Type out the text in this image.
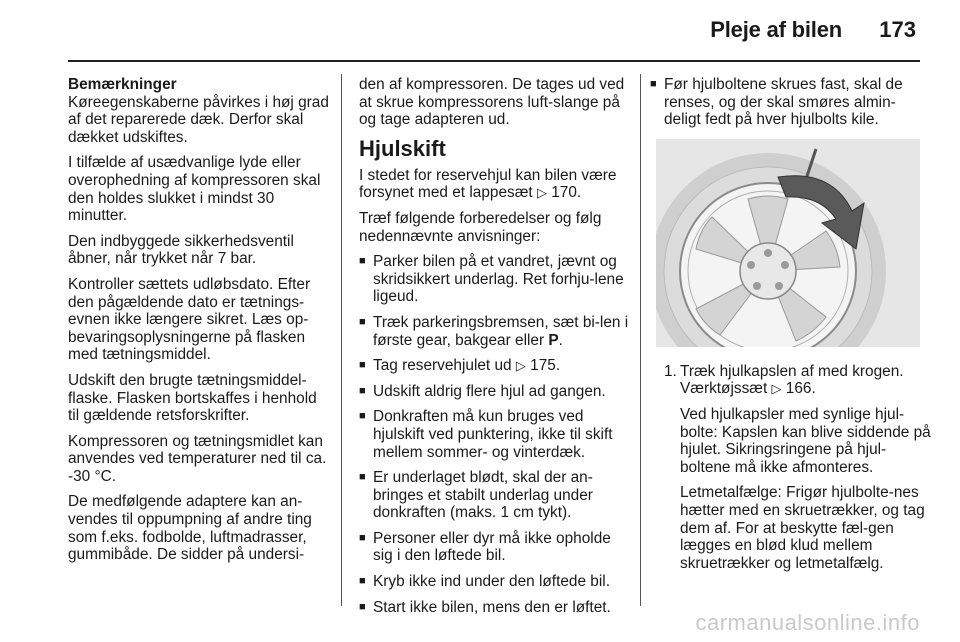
Pleje af bilen 173

Bemærkninger

Køreegenskaberne påvirkes i høj grad af det reparerede dæk. Derfor skal dækket udskiftes.

I tilfælde af usædvanlige lyde eller overophedning af kompressoren skal den holdes slukket i mindst 30 minutter.

Den indbyggede sikkerhedsventil åbner, når trykket når 7 bar.

Kontroller sættets udløbsdato. Efter den pågældende dato er tætnings-evnen ikke længere sikret. Læs op-bevaringsoplysningerne på flasken med tætningsmiddel.

Udskift den brugte tætningsmiddel-flaske. Flasken bortskaffes i henhold til gældende retsforskrifter.

Kompressoren og tætningsmidlet kan anvendes ved temperaturer ned til ca. -30 °C.

De medfølgende adaptere kan an-vendes til oppumpning af andre ting som f.eks. fodbolde, luftmadrasser, gummibåde. De sidder på undersi-

den af kompressoren. De tages ud ved at skrue kompressorens luft-slange på og tage adapteren ud.

Hjulskift

I stedet for reservehjul kan bilen være forsynet med et lappesæt ▷ 170.

Træf følgende forberedelser og følg nedennævnte anvisninger:

■ Parker bilen på et vandret, jævnt og skridsikkert underlag. Ret forhju-lene ligeud.
■ Træk parkeringsbremsen, sæt bi-len i første gear, bakgear eller P.
■ Tag reservehjulet ud ▷ 175.
■ Udskift aldrig flere hjul ad gangen.
■ Donkraften må kun bruges ved hjulskift ved punktering, ikke til skift mellem sommer- og vinterdæk.
■ Er underlaget blødt, skal der an-bringes et stabilt underlag under donkraften (maks. 1 cm tykt).
■ Personer eller dyr må ikke opholde sig i den løftede bil.
■ Kryb ikke ind under den løftede bil.
■ Start ikke bilen, mens den er løftet.
■ Før hjulboltene skrues fast, skal de renses, og der skal smøres almin-deligt fedt på hver hjulbolts kile.
1. Træk hjulkapslen af med krogen. Værktøjssæt ▷ 166.

Ved hjulkapsler med synlige hjul-bolte: Kapslen kan blive siddende på hjulet. Sikringsringene på hjul-boltene må ikke afmonteres.

Letmetalfælge: Frigør hjulbolte-nes hætter med en skruetrækker, og tag dem af. For at beskytte fæl-gen lægges en blød klud mellem skruetrækker og letmetalfælg.

carmanualsonline.info
